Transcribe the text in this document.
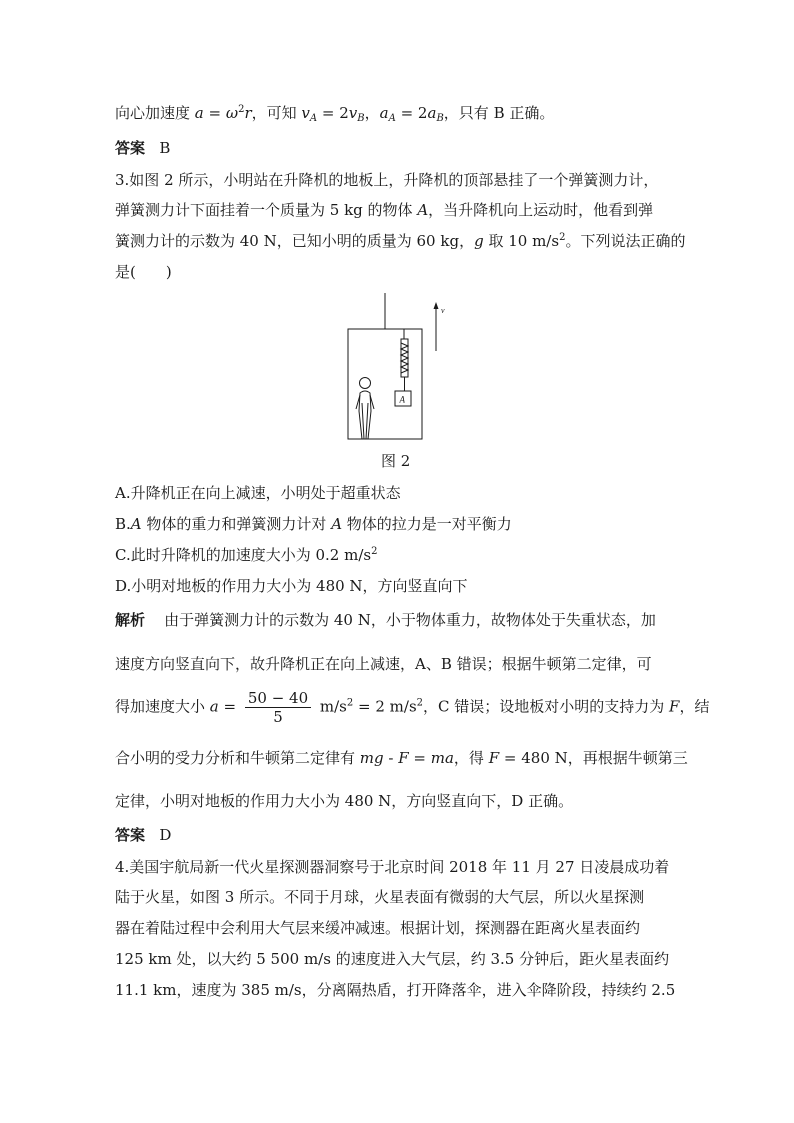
向心加速度 $a = \omega^2r$，可知 $v_A = 2v_B$，$a_A = 2a_B$，只有 B 正确。
答案 B
3.如图 2 所示，小明站在升降机的地板上，升降机的顶部悬挂了一个弹簧测力计，
弹簧测力计下面挂着一个质量为 5 kg 的物体 A，当升降机向上运动时，他看到弹
簧测力计的示数为 40 N，已知小明的质量为 60 kg，g 取 10 $m/s^2$。下列说法正确的
是(　　)
v
A
图 2
A.升降机正在向上减速，小明处于超重状态
B.A 物体的重力和弹簧测力计对 A 物体的拉力是一对平衡力
C.此时升降机的加速度大小为 0.2 $m/s^2$
D.小明对地板的作用力大小为 480 N，方向竖直向下
解析 由于弹簧测力计的示数为 40 N，小于物体重力，故物体处于失重状态，加
速度方向竖直向下，故升降机正在向上减速，A、B 错误；根据牛顿第二定律，可
得加速度大小 $a = \frac{50 - 40}{5} m/s^2 = 2$ $m/s^2$，C 错误；设地板对小明的支持力为 F，结
合小明的受力分析和牛顿第二定律有 mg - F = ma，得 F = 480 N，再根据牛顿第三
定律，小明对地板的作用力大小为 480 N，方向竖直向下，D 正确。
答案 D
4.美国宇航局新一代火星探测器洞察号于北京时间 2018 年 11 月 27 日凌晨成功着
陆于火星，如图 3 所示。不同于月球，火星表面有微弱的大气层，所以火星探测
器在着陆过程中会利用大气层来缓冲减速。根据计划，探测器在距离火星表面约
125 km 处，以大约 5 500 m/s 的速度进入大气层，约 3.5 分钟后，距火星表面约
11.1 km，速度为 385 m/s，分离隔热盾，打开降落伞，进入伞降阶段，持续约 2.5
